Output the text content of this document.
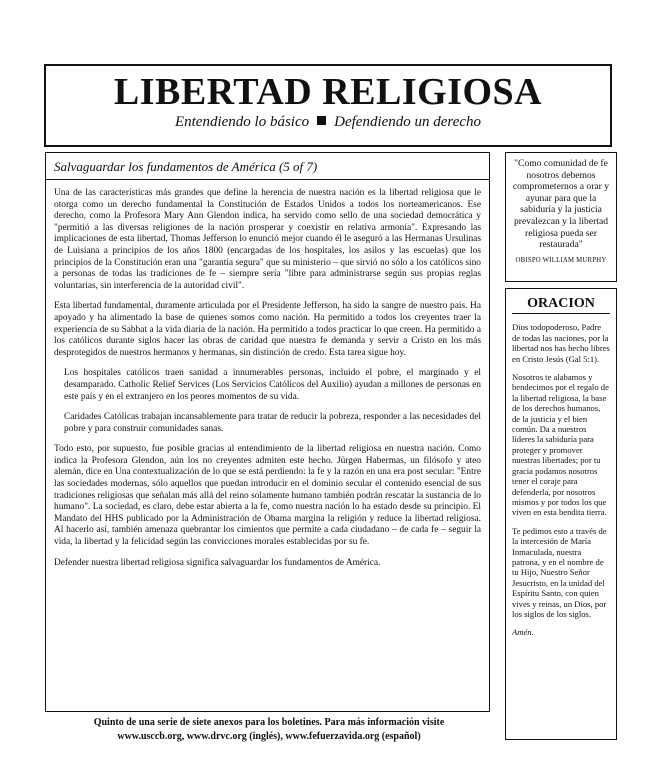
LIBERTAD RELIGIOSA
Entendiendo lo básico Defendiendo un derecho
Salvaguardar los fundamentos de América (5 of 7)

Una de las características más grandes que define la herencia de nuestra nación es la libertad religiosa que le otorga como un derecho fundamental la Constitución de Estados Unidos a todos los norteamericanos. Ese derecho, como la Profesora Mary Ann Glendon indica, ha servido como sello de una sociedad democrática y "permitió a las diversas religiones de la nación prosperar y coexistir en relativa armonía". Expresando las implicaciones de esta libertad, Thomas Jefferson lo enunció mejor cuando él le aseguró a las Hermanas Ursulinas de Luisiana a principios de los años 1800 (encargadas de los hospitales, los asilos y las escuelas) que los principios de la Constitución eran una "garantía segura" que su ministerio – que sirvió no sólo a los católicos sino a personas de todas las tradiciones de fe – siempre sería "libre para administrarse según sus propias reglas voluntarias, sin interferencia de la autoridad civil".

Esta libertad fundamental, duramente articulada por el Presidente Jefferson, ha sido la sangre de nuestro país. Ha apoyado y ha alimentado la base de quienes somos como nación. Ha permitido a todos los creyentes traer la experiencia de su Sabbat a la vida diaria de la nación. Ha permitido a todos practicar lo que creen. Ha permitido a los católicos durante siglos hacer las obras de caridad que nuestra fe demanda y servir a Cristo en los más desprotegidos de nuestros hermanos y hermanas, sin distinción de credo. Esta tarea sigue hoy.

Los hospitales católicos traen sanidad a innumerables personas, incluido el pobre, el marginado y el desamparado. Catholic Relief Services (Los Servicios Católicos del Auxilio) ayudan a millones de personas en este país y en el extranjero en los peores momentos de su vida.

Caridades Católicas trabajan incansablemente para tratar de reducir la pobreza, responder a las necesidades del pobre y para construir comunidades sanas.

Todo esto, por supuesto, fue posible gracias al entendimiento de la libertad religiosa en nuestra nación. Como indica la Profesora Glendon, aún los no creyentes admiten este hecho. Jürgen Habermas, un filósofo y ateo alemán, dice en Una contextualización de lo que se está perdiendo: la fe y la razón en una era post secular: "Entre las sociedades modernas, sólo aquellos que puedan introducir en el dominio secular el contenido esencial de sus tradiciones religiosas que señalan más allá del reino solamente humano también podrán rescatar la sustancia de lo humano". La sociedad, es claro, debe estar abierta a la fe, como nuestra nación lo ha estado desde su principio. El Mandato del HHS publicado por la Administración de Obama margina la religión y reduce la libertad religiosa. Al hacerlo así, también amenaza quebrantar los cimientos que permite a cada ciudadano – de cada fe – seguir la vida, la libertad y la felicidad según las convicciones morales establecidas por su fe.

Defender nuestra libertad religiosa significa salvaguardar los fundamentos de América.

"Como comunidad de fe nosotros debemos comprometernos a orar y ayunar para que la sabiduría y la justicia prevalezcan y la libertad religiosa pueda ser restaurada"
OBISPO WILLIAM MURPHY
ORACION

Dios todopoderoso, Padre de todas las naciones, por la libertad nos has hecho libres en Cristo Jesús (Gal 5:1).

Nosotros te alabamos y bendecimos por el regalo de la libertad religiosa, la base de los derechos humanos, de la justicia y el bien común. Da a nuestros líderes la sabiduría para proteger y promover nuestras libertades; por tu gracia podamos nosotros tener el coraje para defenderla, por nosotros mismos y por todos los que viven en esta bendita tierra.

Te pedimos esto a través de la intercesión de María Inmaculada, nuestra patrona, y en el nombre de tu Hijo, Nuestro Señor Jesucristo, en la unidad del Espíritu Santo, con quien vives y reinas, un Dios, por los siglos de los siglos.

Amén.

Quinto de una serie de siete anexos para los boletines. Para más información visite
www.usccb.org, www.drvc.org (inglés), www.fefuerzavida.org (español)
